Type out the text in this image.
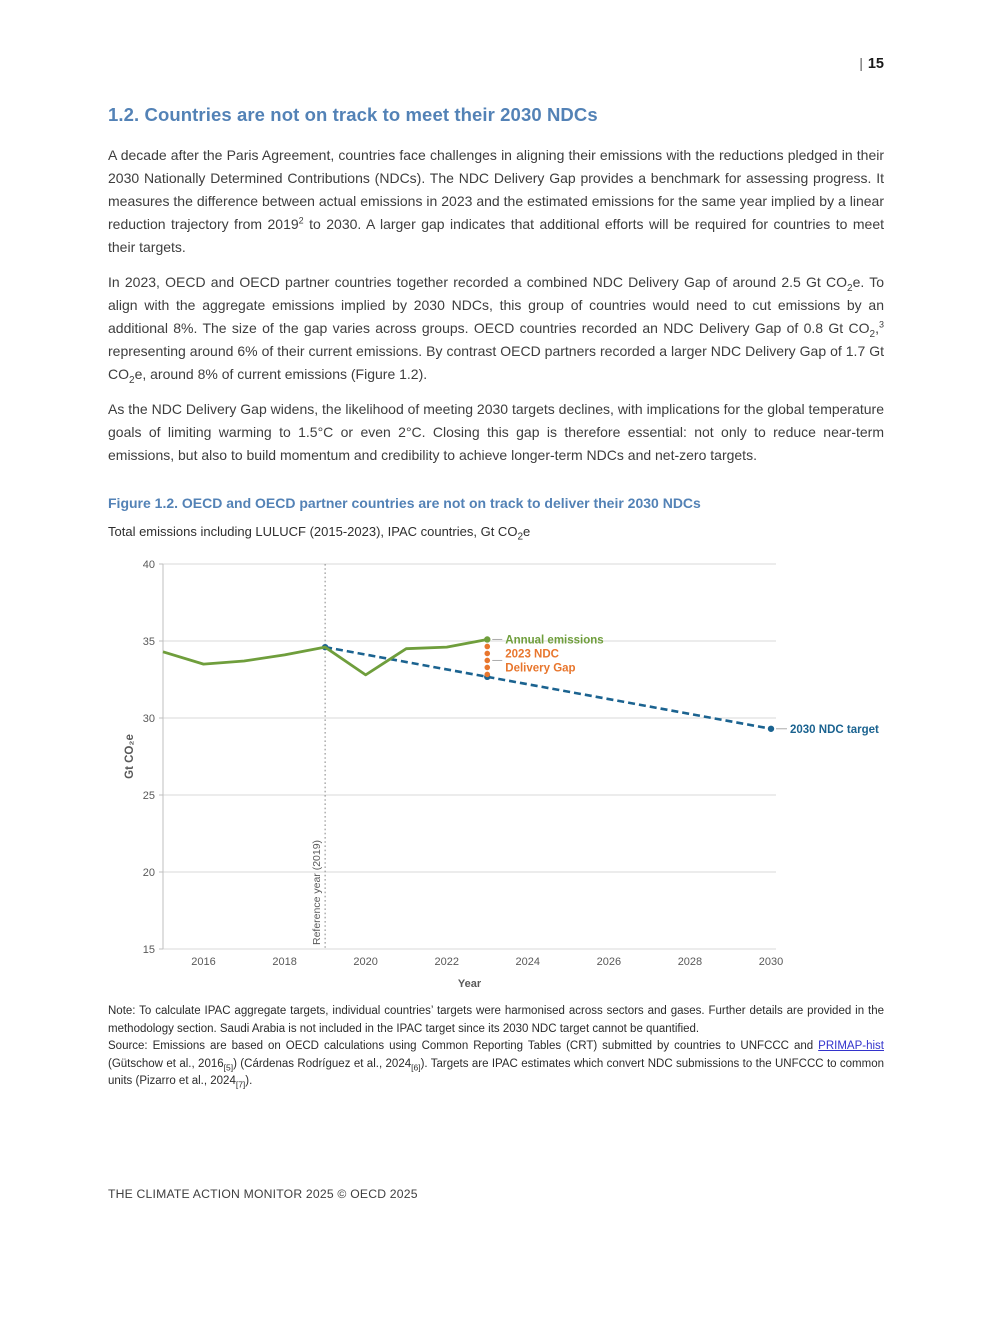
| 15
1.2. Countries are not on track to meet their 2030 NDCs

A decade after the Paris Agreement, countries face challenges in aligning their emissions with the reductions pledged in their 2030 Nationally Determined Contributions (NDCs). The NDC Delivery Gap provides a benchmark for assessing progress. It measures the difference between actual emissions in 2023 and the estimated emissions for the same year implied by a linear reduction trajectory from 2019$^2$ to 2030. A larger gap indicates that additional efforts will be required for countries to meet their targets.

In 2023, OECD and OECD partner countries together recorded a combined NDC Delivery Gap of around 2.5 Gt $CO_2e$. To align with the aggregate emissions implied by 2030 NDCs, this group of countries would need to cut emissions by an additional 8%. The size of the gap varies across groups. OECD countries recorded an NDC Delivery Gap of 0.8 Gt $CO_2,^3$ representing around 6% of their current emissions. By contrast OECD partners recorded a larger NDC Delivery Gap of 1.7 Gt $CO_2e$, around 8% of current emissions (Figure 1.2).

As the NDC Delivery Gap widens, the likelihood of meeting 2030 targets declines, with implications for the global temperature goals of limiting warming to 1.5°C or even 2°C. Closing this gap is therefore essential: not only to reduce near-term emissions, but also to build momentum and credibility to achieve longer-term NDCs and net-zero targets.

Figure 1.2. OECD and OECD partner countries are not on track to deliver their 2030 NDCs
Total emissions including LULUCF (2015-2023), IPAC countries, Gt $CO_2e$
40
35
30
25
20
15
Reference year (2019)
2016	2018	2020	2022	2024	2026	2028	2030
Year
Gt CO₂e
Annual emissions
2023 NDC
Delivery Gap
2030 NDC target

Note: To calculate IPAC aggregate targets, individual countries’ targets were harmonised across sectors and gases. Further details are provided in the methodology section. Saudi Arabia is not included in the IPAC target since its 2030 NDC target cannot be quantified.

Source: Emissions are based on OECD calculations using Common Reporting Tables (CRT) submitted by countries to UNFCCC and PRIMAP-hist (Gütschow et al., $2016_{[5]}$) (Cárdenas Rodríguez et al., $2024_{[6]}$). Targets are IPAC estimates which convert NDC submissions to the UNFCCC to common units (Pizarro et al., $2024_{[7]}$).

THE CLIMATE ACTION MONITOR 2025 © OECD 2025
